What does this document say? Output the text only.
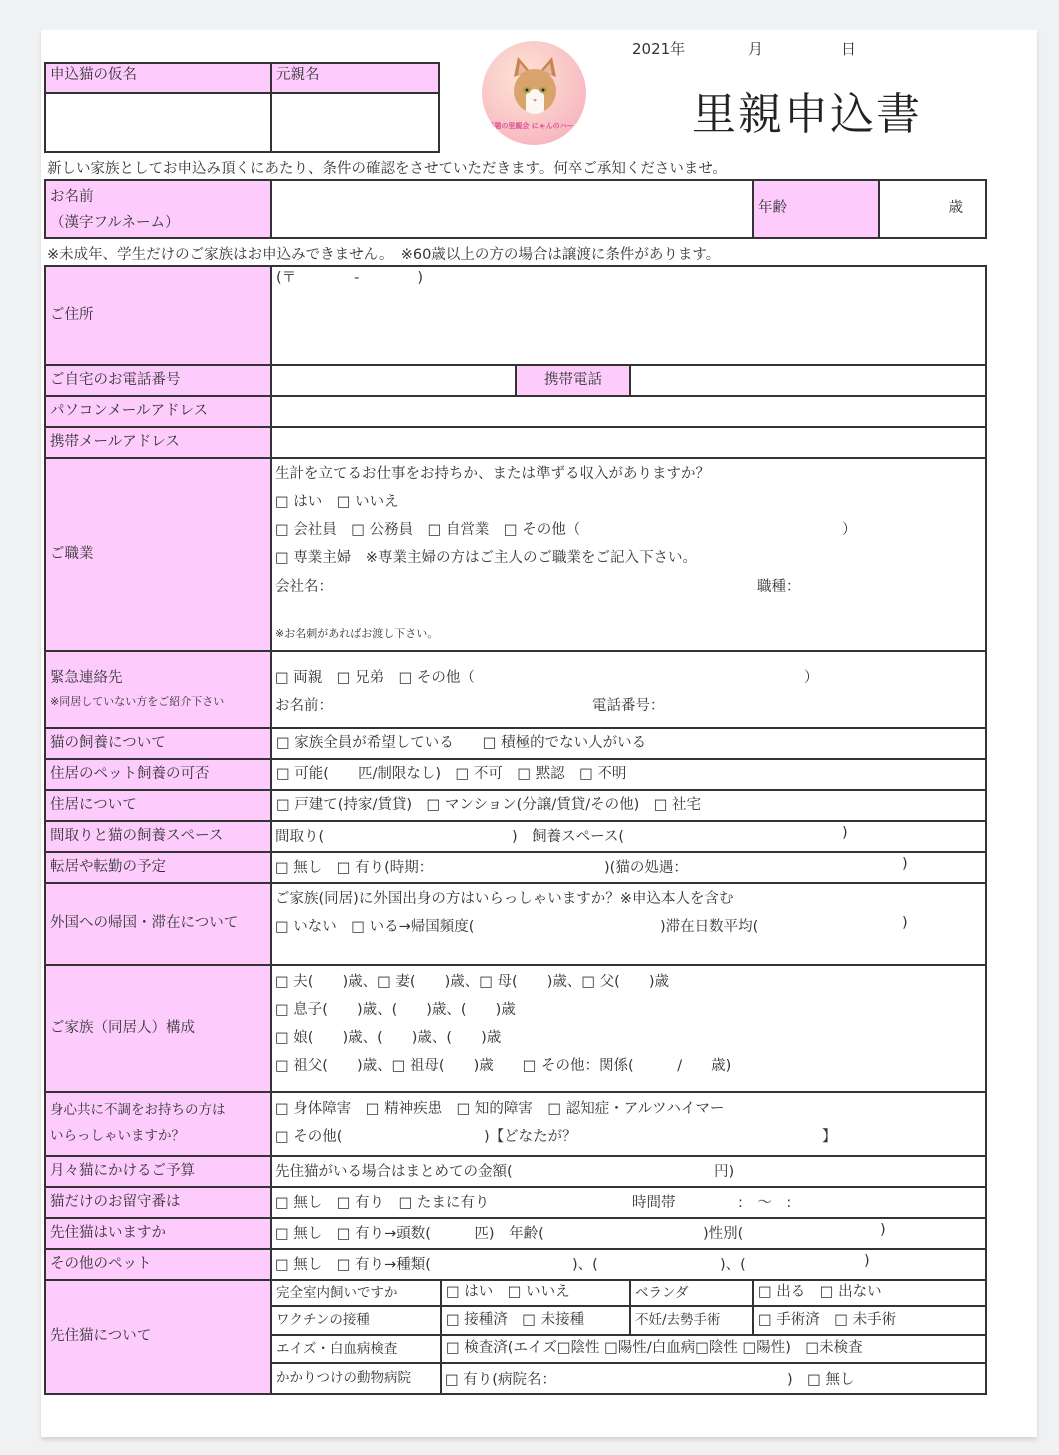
2021年	月	日
子猫の里親会 にゃんのハート	里親申込書
申込猫の仮名	元親名
新しい家族としてお申込み頂くにあたり、条件の確認をさせていただきます。何卒ご承知くださいませ。
お名前
（漢字フルネーム）
年齢	歳
※未成年、学生だけのご家族はお申込みできません。　※60歳以上の方の場合は譲渡に条件があります。
ご住所
(〒　　　　-　　　　)
ご自宅のお電話番号	携帯電話
パソコンメールアドレス
携帯メールアドレス
ご職業
生計を立てるお仕事をお持ちか、または準ずる収入がありますか？
□ はい　□ いいえ
□ 会社員　□ 公務員　□ 自営業　□ その他（	）
□ 専業主婦　※専業主婦の方はご主人のご職業をご記入下さい。
会社名：	職種：
※お名刺があればお渡し下さい。
緊急連絡先
※同居していない方をご紹介下さい
□ 両親　□ 兄弟　□ その他（	）
お名前：	電話番号：
猫の飼養について	□ 家族全員が希望している　　□ 積極的でない人がいる
住居のペット飼養の可否	□ 可能(　　匹/制限なし)　□ 不可　□ 黙認　□ 不明
住居について	□ 戸建て(持家/賃貸)　□ マンション(分譲/賃貸/その他)　□ 社宅
間取りと猫の飼養スペース	間取り(	)　飼養スペース(	)
転居や転勤の予定	□ 無し　□ 有り(時期：	)(猫の処遇：	)
外国への帰国・滞在について
ご家族(同居)に外国出身の方はいらっしゃいますか？※申込本人を含む
□ いない　□ いる→帰国頻度(	)滞在日数平均(	)
ご家族（同居人）構成
□ 夫(　　)歳、□ 妻(　　)歳、□ 母(　　)歳、□ 父(　　)歳
□ 息子(　　)歳、(　　)歳、(　　)歳
□ 娘(　　)歳、(　　)歳、(　　)歳
□ 祖父(　　)歳、□ 祖母(　　)歳　　□ その他：関係(　　　/　　歳)
身心共に不調をお持ちの方は
いらっしゃいますか？
□ 身体障害　□ 精神疾患　□ 知的障害　□ 認知症・アルツハイマー
□ その他(	)【どなたが？	】
月々猫にかけるご予算	先住猫がいる場合はまとめての金額(	円)
猫だけのお留守番は	□ 無し　□ 有り　□ たまに有り	時間帯	:　～　:
先住猫はいますか	□ 無し　□ 有り→頭数(　　　匹)　年齢(	)性別(	)
その他のペット	□ 無し　□ 有り→種類(	)、(	)、(	)
先住猫について
完全室内飼いですか	□ はい　□ いいえ	ベランダ	□ 出る　□ 出ない
ワクチンの接種	□ 接種済　□ 未接種	不妊/去勢手術	□ 手術済　□ 未手術
エイズ・白血病検査	□ 検査済(エイズ□陰性 □陽性/白血病□陰性 □陽性)　□未検査
かかりつけの動物病院	□ 有り(病院名：	)　□ 無し
